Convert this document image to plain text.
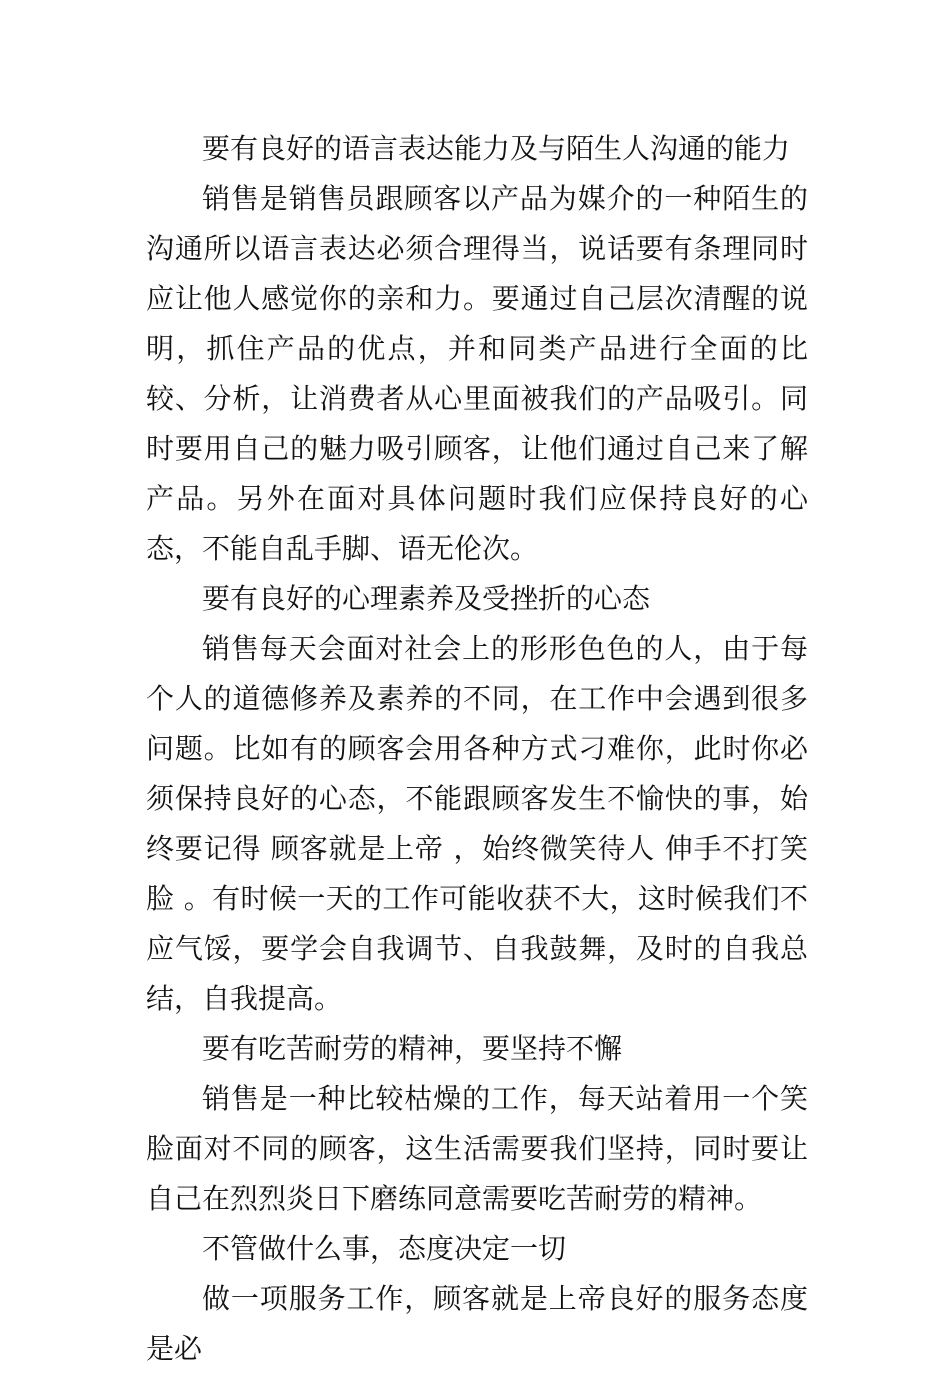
要有良好的语言表达能力及与陌生人沟通的能力

销售是销售员跟顾客以产品为媒介的一种陌生的沟通所以语言表达必须合理得当，说话要有条理同时应让他人感觉你的亲和力。要通过自己层次清醒的说明，抓住产品的优点，并和同类产品进行全面的比较、分析，让消费者从心里面被我们的产品吸引。同时要用自己的魅力吸引顾客，让他们通过自己来了解产品。另外在面对具体问题时我们应保持良好的心态，不能自乱手脚、语无伦次。

要有良好的心理素养及受挫折的心态

销售每天会面对社会上的形形色色的人，由于每个人的道德修养及素养的不同，在工作中会遇到很多问题。比如有的顾客会用各种方式刁难你，此时你必须保持良好的心态，不能跟顾客发生不愉快的事，始终要记得 顾客就是上帝 ，始终微笑待人 伸手不打笑脸 。有时候一天的工作可能收获不大，这时候我们不应气馁，要学会自我调节、自我鼓舞，及时的自我总结，自我提高。

要有吃苦耐劳的精神，要坚持不懈

销售是一种比较枯燥的工作，每天站着用一个笑脸面对不同的顾客，这生活需要我们坚持，同时要让自己在烈烈炎日下磨练同意需要吃苦耐劳的精神。

不管做什么事，态度决定一切

做一项服务工作，顾客就是上帝良好的服务态度是必
